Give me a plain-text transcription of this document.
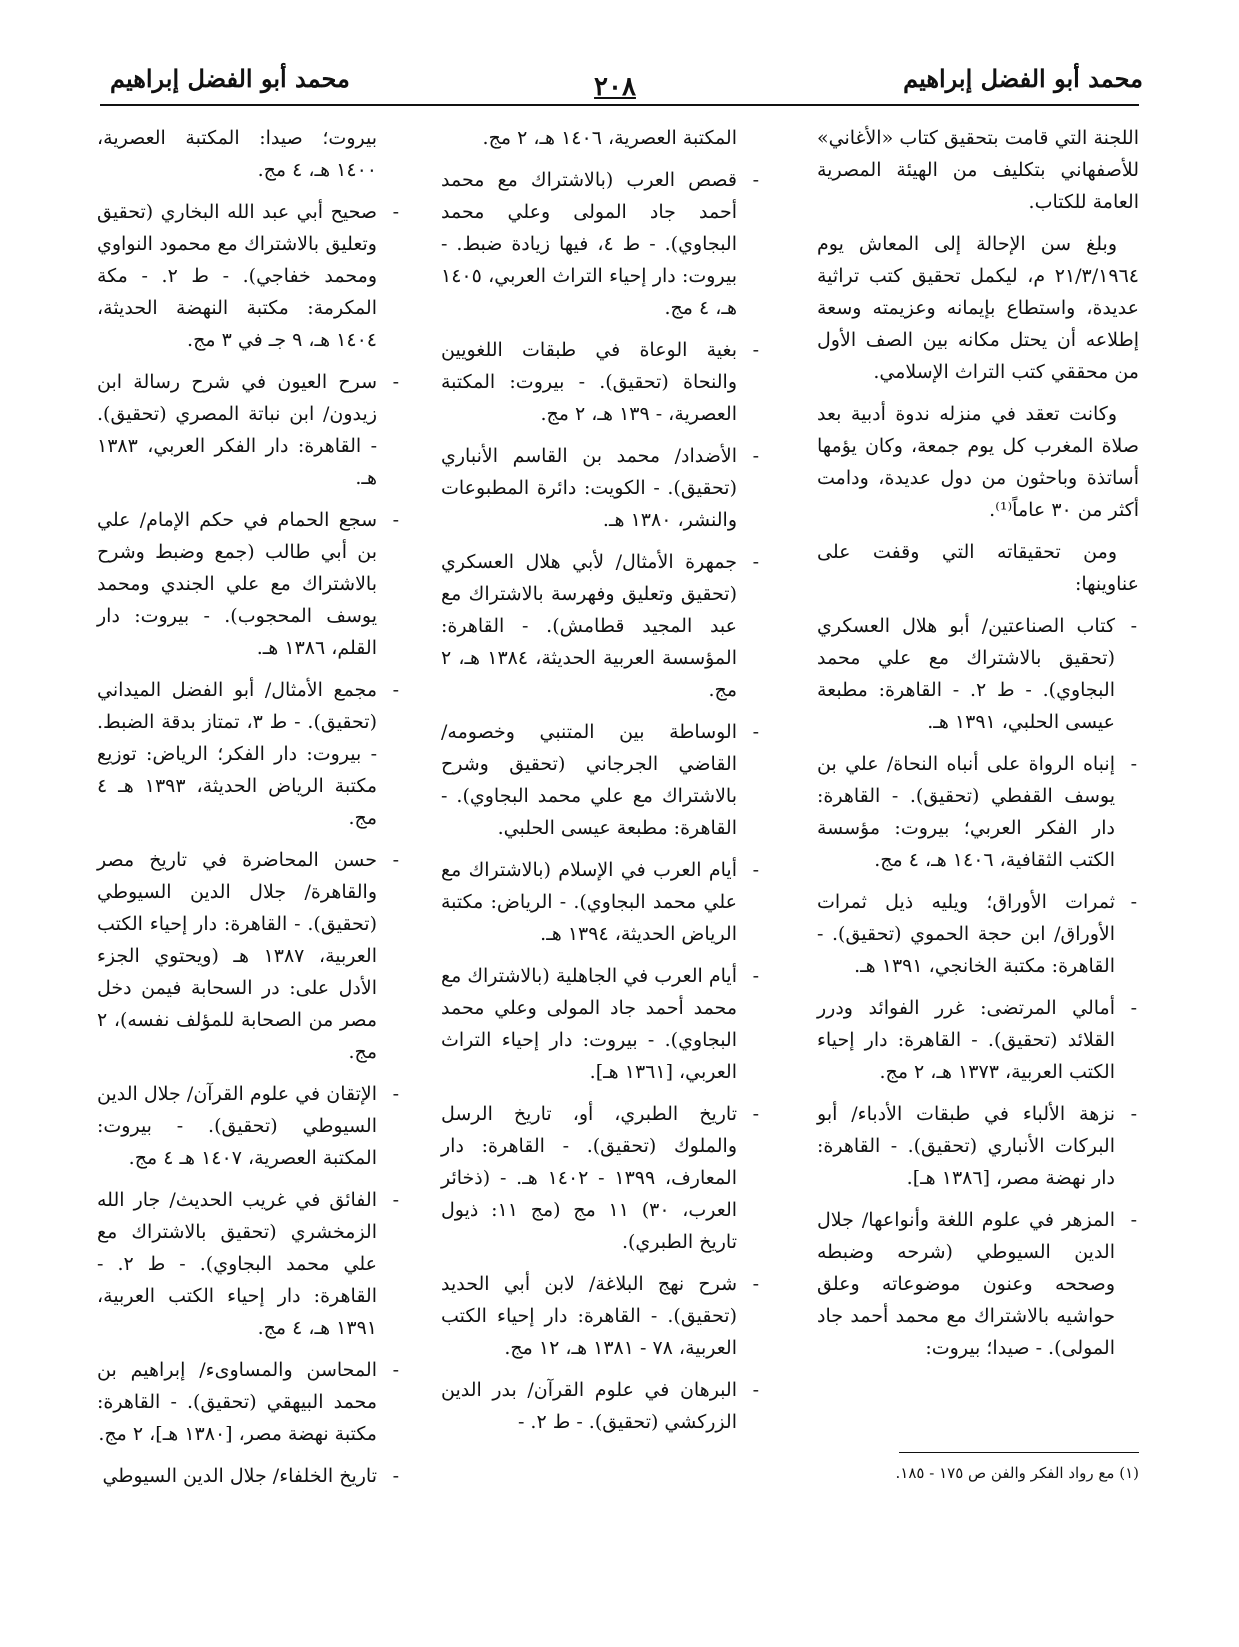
محمد أبو الفضل إبراهيم
٢٠٨
محمد أبو الفضل إبراهيم

اللجنة التي قامت بتحقيق كتاب «الأغاني» للأصفهاني بتكليف من الهيئة المصرية العامة للكتاب.

وبلغ سن الإحالة إلى المعاش يوم ٢١/٣/١٩٦٤ م، ليكمل تحقيق كتب تراثية عديدة، واستطاع بإيمانه وعزيمته وسعة إطلاعه أن يحتل مكانه بين الصف الأول من محققي كتب التراث الإسلامي.

وكانت تعقد في منزله ندوة أدبية بعد صلاة المغرب كل يوم جمعة، وكان يؤمها أساتذة وباحثون من دول عديدة، ودامت أكثر من ٣٠ عاماً⁽¹⁾.

ومن تحقيقاته التي وقفت على عناوينها:

- كتاب الصناعتين/ أبو هلال العسكري (تحقيق بالاشتراك مع علي محمد البجاوي). - ط ٢. - القاهرة: مطبعة عيسى الحلبي، ١٣٩١ هـ.
- إنباه الرواة على أنباه النحاة/ علي بن يوسف القفطي (تحقيق). - القاهرة: دار الفكر العربي؛ بيروت: مؤسسة الكتب الثقافية، ١٤٠٦ هـ، ٤ مج.
- ثمرات الأوراق؛ ويليه ذيل ثمرات الأوراق/ ابن حجة الحموي (تحقيق). - القاهرة: مكتبة الخانجي، ١٣٩١ هـ.
- أمالي المرتضى: غرر الفوائد ودرر القلائد (تحقيق). - القاهرة: دار إحياء الكتب العربية، ١٣٧٣ هـ، ٢ مج.
- نزهة الألباء في طبقات الأدباء/ أبو البركات الأنباري (تحقيق). - القاهرة: دار نهضة مصر، [١٣٨٦ هـ].
- المزهر في علوم اللغة وأنواعها/ جلال الدين السيوطي (شرحه وضبطه وصححه وعنون موضوعاته وعلق حواشيه بالاشتراك مع محمد أحمد جاد المولى). - صيدا؛ بيروت:

المكتبة العصرية، ١٤٠٦ هـ، ٢ مج.

- قصص العرب (بالاشتراك مع محمد أحمد جاد المولى وعلي محمد البجاوي). - ط ٤، فيها زيادة ضبط. - بيروت: دار إحياء التراث العربي، ١٤٠٥ هـ، ٤ مج.
- بغية الوعاة في طبقات اللغويين والنحاة (تحقيق). - بيروت: المكتبة العصرية، - ١٣٩ هـ، ٢ مج.
- الأضداد/ محمد بن القاسم الأنباري (تحقيق). - الكويت: دائرة المطبوعات والنشر، ١٣٨٠ هـ.
- جمهرة الأمثال/ لأبي هلال العسكري (تحقيق وتعليق وفهرسة بالاشتراك مع عبد المجيد قطامش). - القاهرة: المؤسسة العربية الحديثة، ١٣٨٤ هـ، ٢ مج.
- الوساطة بين المتنبي وخصومه/ القاضي الجرجاني (تحقيق وشرح بالاشتراك مع علي محمد البجاوي). - القاهرة: مطبعة عيسى الحلبي.
- أيام العرب في الإسلام (بالاشتراك مع علي محمد البجاوي). - الرياض: مكتبة الرياض الحديثة، ١٣٩٤ هـ.
- أيام العرب في الجاهلية (بالاشتراك مع محمد أحمد جاد المولى وعلي محمد البجاوي). - بيروت: دار إحياء التراث العربي، [١٣٦١ هـ].
- تاريخ الطبري، أو، تاريخ الرسل والملوك (تحقيق). - القاهرة: دار المعارف، ١٣٩٩ - ١٤٠٢ هـ. - (ذخائر العرب، ٣٠) ١١ مج (مج ١١: ذيول تاريخ الطبري).
- شرح نهج البلاغة/ لابن أبي الحديد (تحقيق). - القاهرة: دار إحياء الكتب العربية، ٧٨ - ١٣٨١ هـ، ١٢ مج.
- البرهان في علوم القرآن/ بدر الدين الزركشي (تحقيق). - ط ٢. -

بيروت؛ صيدا: المكتبة العصرية، ١٤٠٠ هـ، ٤ مج.

- صحيح أبي عبد الله البخاري (تحقيق وتعليق بالاشتراك مع محمود النواوي ومحمد خفاجي). - ط ٢. - مكة المكرمة: مكتبة النهضة الحديثة، ١٤٠٤ هـ، ٩ جـ في ٣ مج.
- سرح العيون في شرح رسالة ابن زيدون/ ابن نباتة المصري (تحقيق). - القاهرة: دار الفكر العربي، ١٣٨٣ هـ.
- سجع الحمام في حكم الإمام/ علي بن أبي طالب (جمع وضبط وشرح بالاشتراك مع علي الجندي ومحمد يوسف المحجوب). - بيروت: دار القلم، ١٣٨٦ هـ.
- مجمع الأمثال/ أبو الفضل الميداني (تحقيق). - ط ٣، تمتاز بدقة الضبط. - بيروت: دار الفكر؛ الرياض: توزيع مكتبة الرياض الحديثة، ١٣٩٣ هـ ٤ مج.
- حسن المحاضرة في تاريخ مصر والقاهرة/ جلال الدين السيوطي (تحقيق). - القاهرة: دار إحياء الكتب العربية، ١٣٨٧ هـ (ويحتوي الجزء الأدل على: در السحابة فيمن دخل مصر من الصحابة للمؤلف نفسه)، ٢ مج.
- الإتقان في علوم القرآن/ جلال الدين السيوطي (تحقيق). - بيروت: المكتبة العصرية، ١٤٠٧ هـ ٤ مج.
- الفائق في غريب الحديث/ جار الله الزمخشري (تحقيق بالاشتراك مع علي محمد البجاوي). - ط ٢. - القاهرة: دار إحياء الكتب العربية، ١٣٩١ هـ، ٤ مج.
- المحاسن والمساوىء/ إبراهيم بن محمد البيهقي (تحقيق). - القاهرة: مكتبة نهضة مصر، [١٣٨٠ هـ]، ٢ مج.
- تاريخ الخلفاء/ جلال الدين السيوطي	(١) مع رواد الفكر والفن ص ١٧٥ - ١٨٥.
